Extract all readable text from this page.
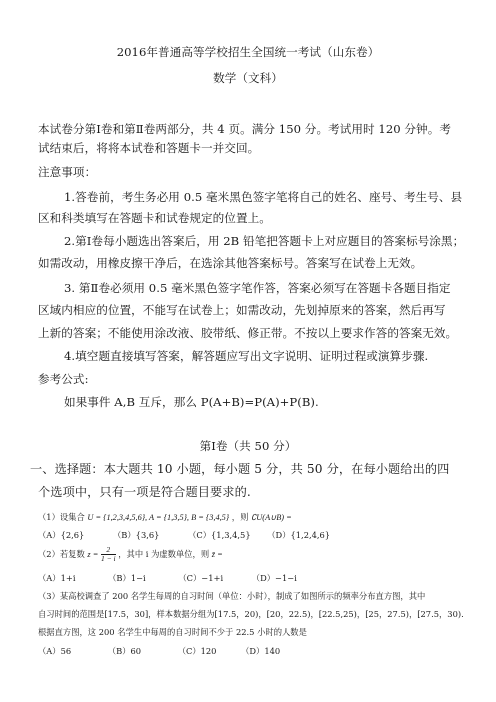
2016年普通高等学校招生全国统一考试（山东卷）
数学（文科）
本试卷分第Ⅰ卷和第Ⅱ卷两部分，共 4 页。满分 150 分。考试用时 120 分钟。考
试结束后，将将本试卷和答题卡一并交回。
注意事项：
1.答卷前，考生务必用 0.5 毫米黑色签字笔将自己的姓名、座号、考生号、县
区和科类填写在答题卡和试卷规定的位置上。
2.第Ⅰ卷每小题选出答案后，用 2B 铅笔把答题卡上对应题目的答案标号涂黑；
如需改动，用橡皮擦干净后，在选涂其他答案标号。答案写在试卷上无效。
3. 第Ⅱ卷必须用 0.5 毫米黑色签字笔作答，答案必须写在答题卡各题目指定
区域内相应的位置，不能写在试卷上；如需改动，先划掉原来的答案，然后再写
上新的答案；不能使用涂改液、胶带纸、修正带。不按以上要求作答的答案无效。
4.填空题直接填写答案，解答题应写出文字说明、证明过程或演算步骤.
参考公式:
如果事件 A,B 互斥，那么 P(A+B)=P(A)+P(B).
第Ⅰ卷（共 50 分）
一、选择题：本大题共 10 小题，每小题 5 分，共 50 分，在每小题给出的四
个选项中，只有一项是符合题目要求的.
（1）设集合 U = {1,2,3,4,5,6}, A = {1,3,5}, B = {3,4,5} ，则 ∁U(A∪B) =
（A）{2,6}	（B）{3,6}	（C）{1,3,4,5} （D）{1,2,4,6}
（2）若复数 $z = \frac{2}{1 - i}$ ，其中 i 为虚数单位，则 z̄ =
（A）1+i	（B）1−i	（C）−1+i	（D）−1−i
（3）某高校调查了 200 名学生每周的自习时间（单位：小时），制成了如图所示的频率分布直方图，其中
自习时间的范围是[17.5，30]，样本数据分组为[17.5，20)，[20，22.5)，[22.5,25)，[25，27.5)，[27.5，30).
根据直方图，这 200 名学生中每周的自习时间不少于 22.5 小时的人数是
（A）56	（B）60	（C）120	（D）140
